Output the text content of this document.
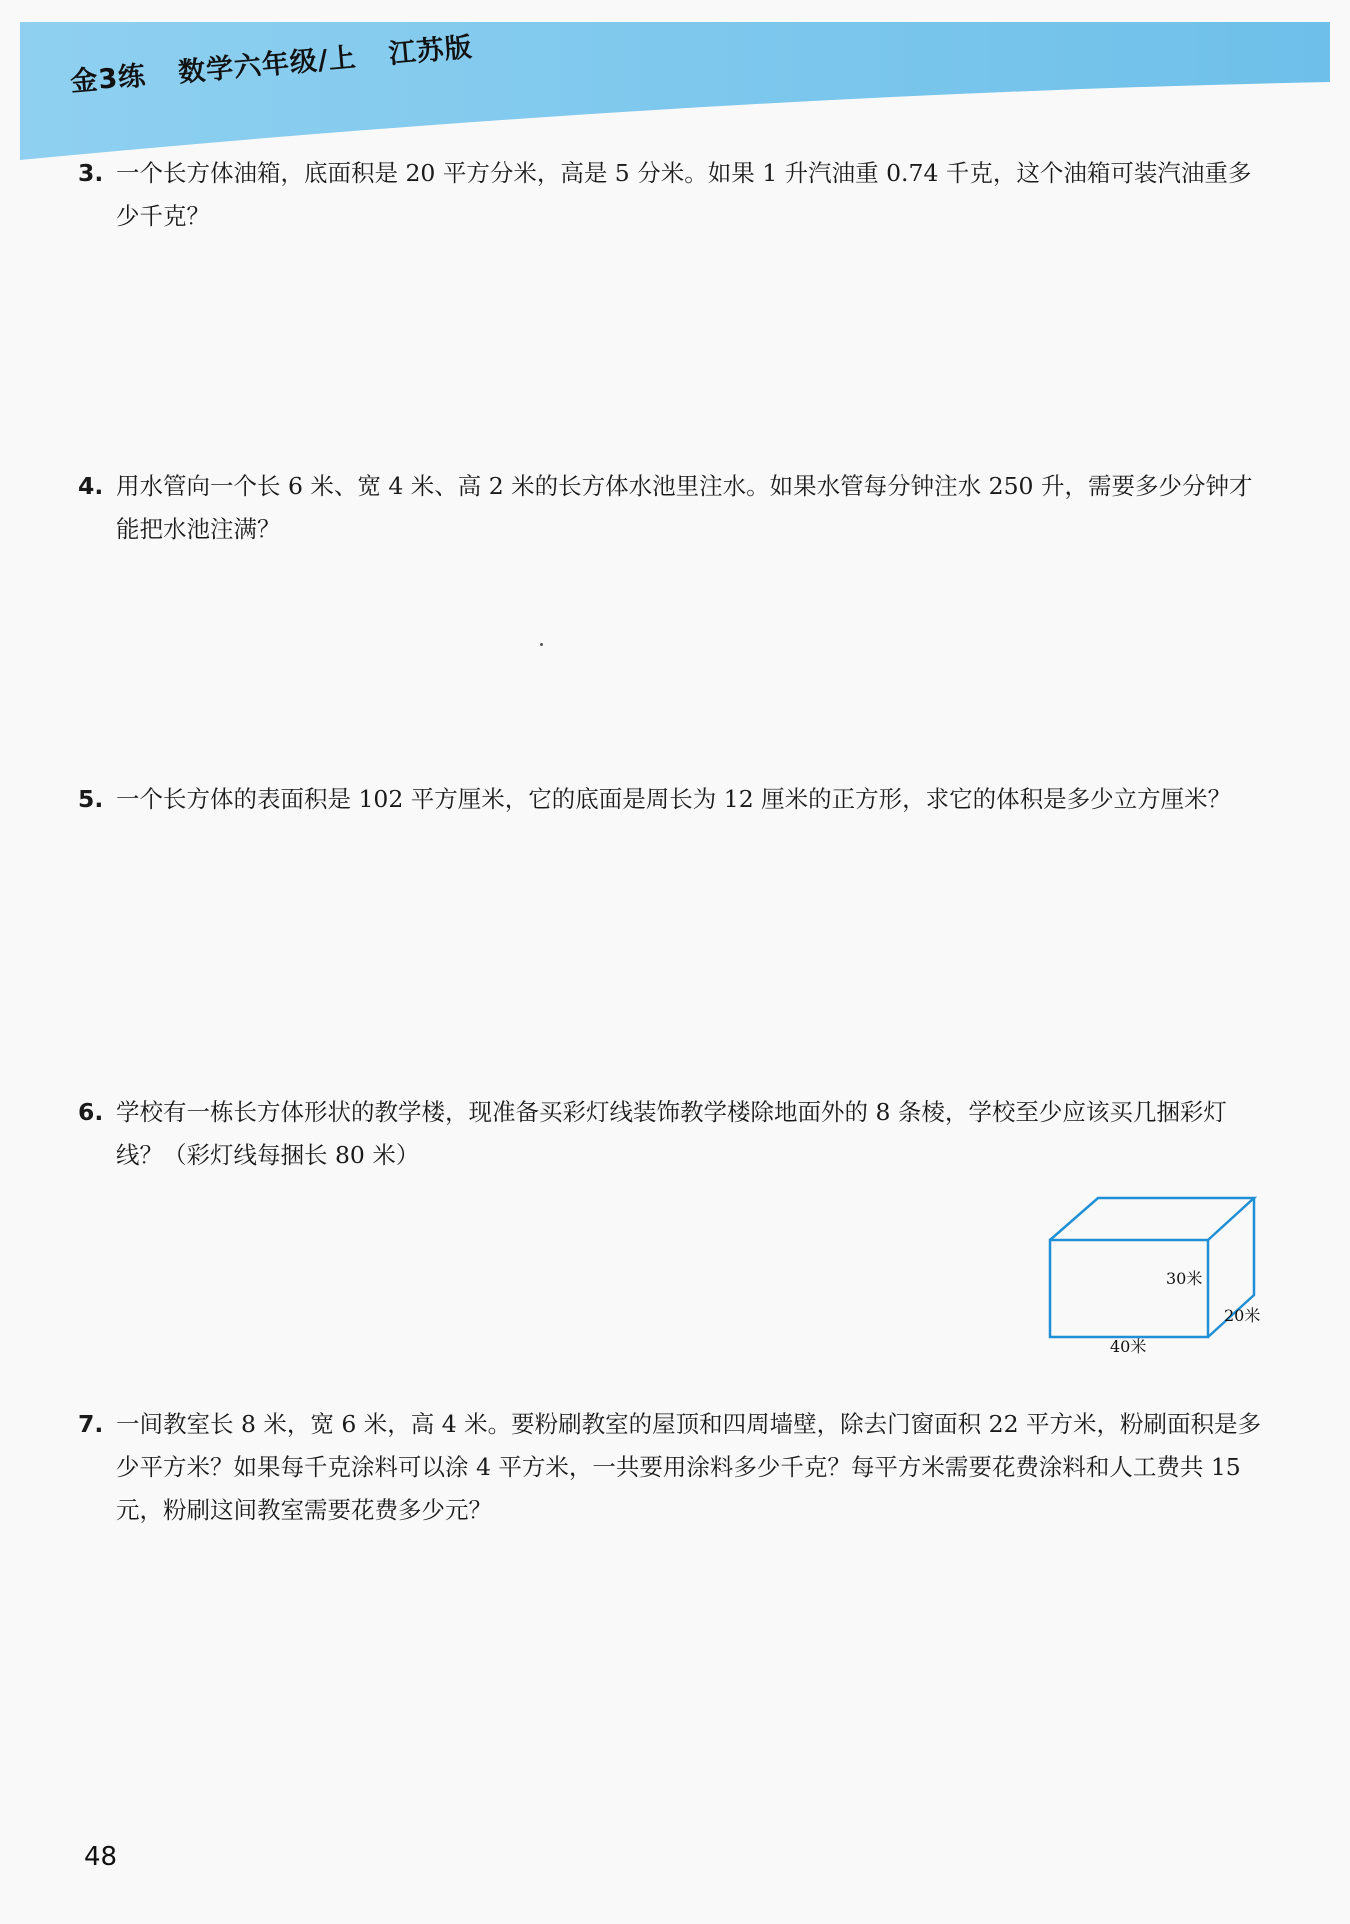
金3练 数学六年级/上 江苏版
3. 一个长方体油箱，底面积是 20 平方分米，高是 5 分米。如果 1 升汽油重 0.74 千克，这个油箱可装汽油重多少千克？
4. 用水管向一个长 6 米、宽 4 米、高 2 米的长方体水池里注水。如果水管每分钟注水 250 升，需要多少分钟才能把水池注满？
5. 一个长方体的表面积是 102 平方厘米，它的底面是周长为 12 厘米的正方形，求它的体积是多少立方厘米？
6. 学校有一栋长方体形状的教学楼，现准备买彩灯线装饰教学楼除地面外的 8 条棱，学校至少应该买几捆彩灯线？（彩灯线每捆长 80 米）
30米
20米
40米
7. 一间教室长 8 米，宽 6 米，高 4 米。要粉刷教室的屋顶和四周墙壁，除去门窗面积 22 平方米，粉刷面积是多少平方米？如果每千克涂料可以涂 4 平方米，一共要用涂料多少千克？每平方米需要花费涂料和人工费共 15 元，粉刷这间教室需要花费多少元？
48
